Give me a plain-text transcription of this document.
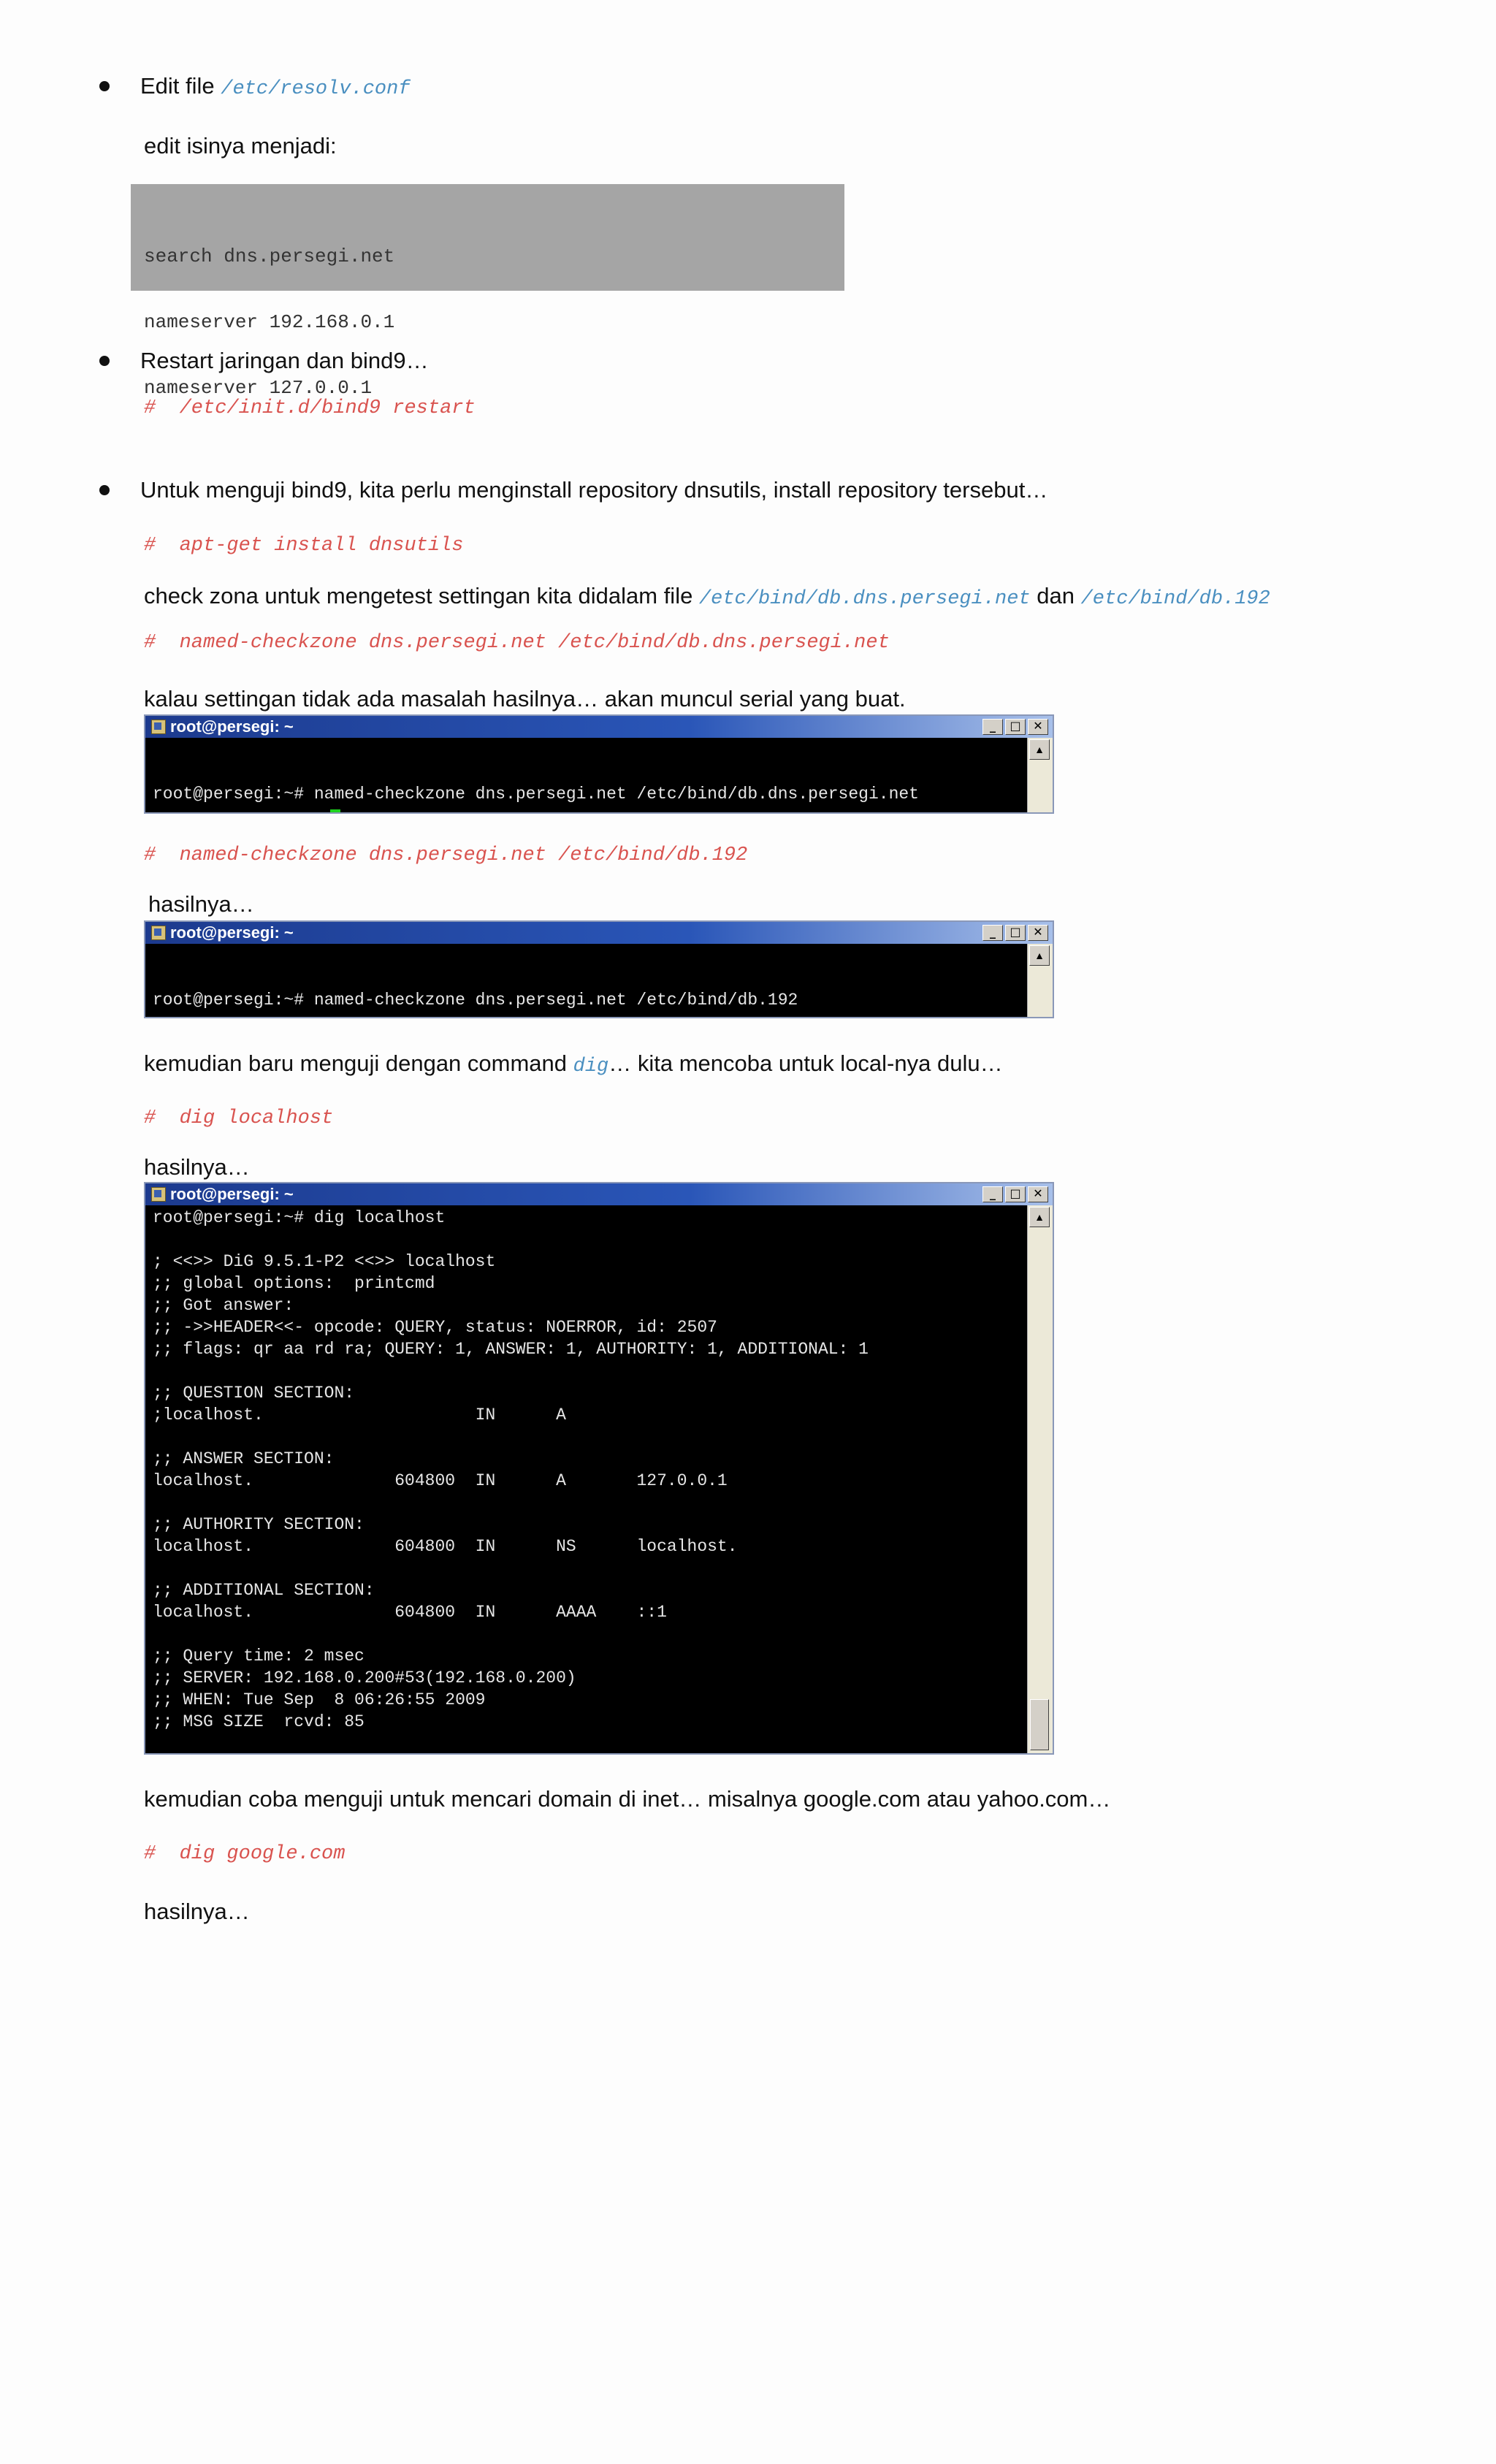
Edit file /etc/resolv.conf
edit isinya menjadi:

search dns.persegi.net

nameserver 192.168.0.1

nameserver 127.0.0.1

Restart jaringan dan bind9…
#  /etc/init.d/bind9 restart
Untuk menguji bind9, kita perlu menginstall repository dnsutils, install repository tersebut…
#  apt-get install dnsutils
check zona untuk mengetest settingan kita didalam file /etc/bind/db.dns.persegi.net dan /etc/bind/db.192
#  named-checkzone dns.persegi.net /etc/bind/db.dns.persegi.net
kalau settingan tidak ada masalah hasilnya… akan muncul serial yang buat.
root@persegi: ~	_	□	✕

root@persegi:~# named-checkzone dns.persegi.net /etc/bind/db.dns.persegi.net

▲
#  named-checkzone dns.persegi.net /etc/bind/db.192
hasilnya…
root@persegi: ~	_	□	✕

root@persegi:~# named-checkzone dns.persegi.net /etc/bind/db.192

▲
kemudian baru menguji dengan command dig… kita mencoba untuk local-nya dulu…
#  dig localhost
hasilnya…
root@persegi: ~	_	□	✕
root@persegi:~# dig localhost
; <<>> DiG 9.5.1-P2 <<>> localhost
;; global options:  printcmd
;; Got answer:
;; ->>HEADER<<- opcode: QUERY, status: NOERROR, id: 2507
;; flags: qr aa rd ra; QUERY: 1, ANSWER: 1, AUTHORITY: 1, ADDITIONAL: 1
;; QUESTION SECTION:
;localhost.                     IN      A
;; ANSWER SECTION:
localhost.              604800  IN      A       127.0.0.1
;; AUTHORITY SECTION:
localhost.              604800  IN      NS      localhost.
;; ADDITIONAL SECTION:
localhost.              604800  IN      AAAA    ::1
;; Query time: 2 msec
;; SERVER: 192.168.0.200#53(192.168.0.200)
;; WHEN: Tue Sep  8 06:26:55 2009
;; MSG SIZE  rcvd: 85
▲
kemudian coba menguji untuk mencari domain di inet… misalnya google.com atau yahoo.com…
#  dig google.com
hasilnya…
